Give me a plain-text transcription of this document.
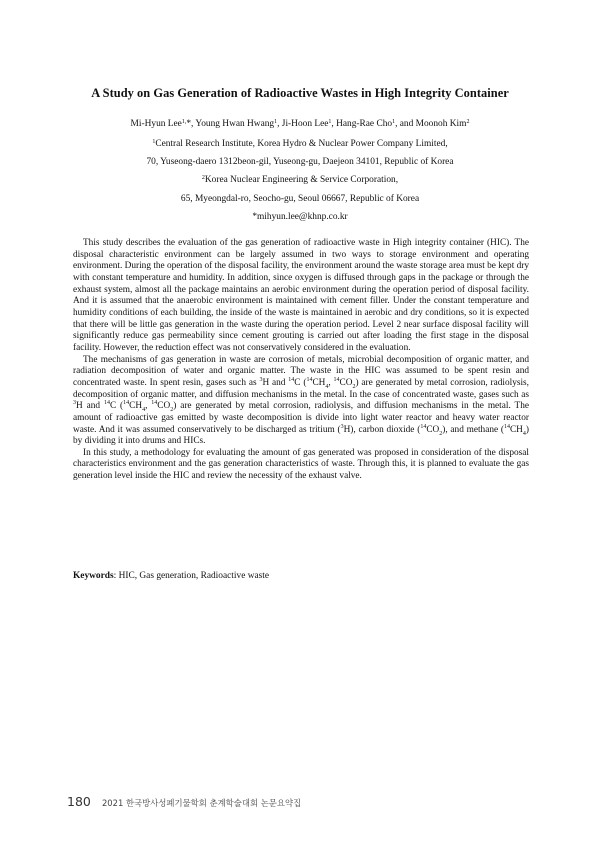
A Study on Gas Generation of Radioactive Wastes in High Integrity Container
Mi-Hyun Lee$^{1,}$*, Young Hwan Hwang$^1$, Ji-Hoon Lee$^1$, Hang-Rae Cho$^1$, and Moonoh Kim$^2$
$^1$Central Research Institute, Korea Hydro & Nuclear Power Company Limited,
70, Yuseong-daero 1312beon-gil, Yuseong-gu, Daejeon 34101, Republic of Korea
$^2$Korea Nuclear Engineering & Service Corporation,
65, Myeongdal-ro, Seocho-gu, Seoul 06667, Republic of Korea
*mihyun.lee@khnp.co.kr

This study describes the evaluation of the gas generation of radioactive waste in High integrity container (HIC). The disposal characteristic environment can be largely assumed in two ways to storage environment and operating environment. During the operation of the disposal facility, the environment around the waste storage area must be kept dry with constant temperature and humidity. In addition, since oxygen is diffused through gaps in the package or through the exhaust system, almost all the package maintains an aerobic environment during the operation period of disposal facility. And it is assumed that the anaerobic environment is maintained with cement filler. Under the constant temperature and humidity conditions of each building, the inside of the waste is maintained in aerobic and dry conditions, so it is expected that there will be little gas generation in the waste during the operation period. Level 2 near surface disposal facility will significantly reduce gas permeability since cement grouting is carried out after loading the first stage in the disposal facility. However, the reduction effect was not conservatively considered in the evaluation.

The mechanisms of gas generation in waste are corrosion of metals, microbial decomposition of organic matter, and radiation decomposition of water and organic matter. The waste in the HIC was assumed to be spent resin and concentrated waste. In spent resin, gases such as $^3$H and $^{14}$C ($^{14}CH_4$, $^{14}CO_2$) are generated by metal corrosion, radiolysis, decomposition of organic matter, and diffusion mechanisms in the metal. In the case of concentrated waste, gases such as $^3$H and $^{14}$C ($^{14}CH_4$, $^{14}CO_2$) are generated by metal corrosion, radiolysis, and diffusion mechanisms in the metal. The amount of radioactive gas emitted by waste decomposition is divide into light water reactor and heavy water reactor waste. And it was assumed conservatively to be discharged as tritium ($^3$H), carbon dioxide $(^{14}CO_2)$, and methane $(^{14}CH_4)$ by dividing it into drums and HICs.

In this study, a methodology for evaluating the amount of gas generated was proposed in consideration of the disposal characteristics environment and the gas generation characteristics of waste. Through this, it is planned to evaluate the gas generation level inside the HIC and review the necessity of the exhaust valve.

Keywords: HIC, Gas generation, Radioactive waste
180 2021 한국방사성폐기물학회 춘계학술대회 논문요약집
